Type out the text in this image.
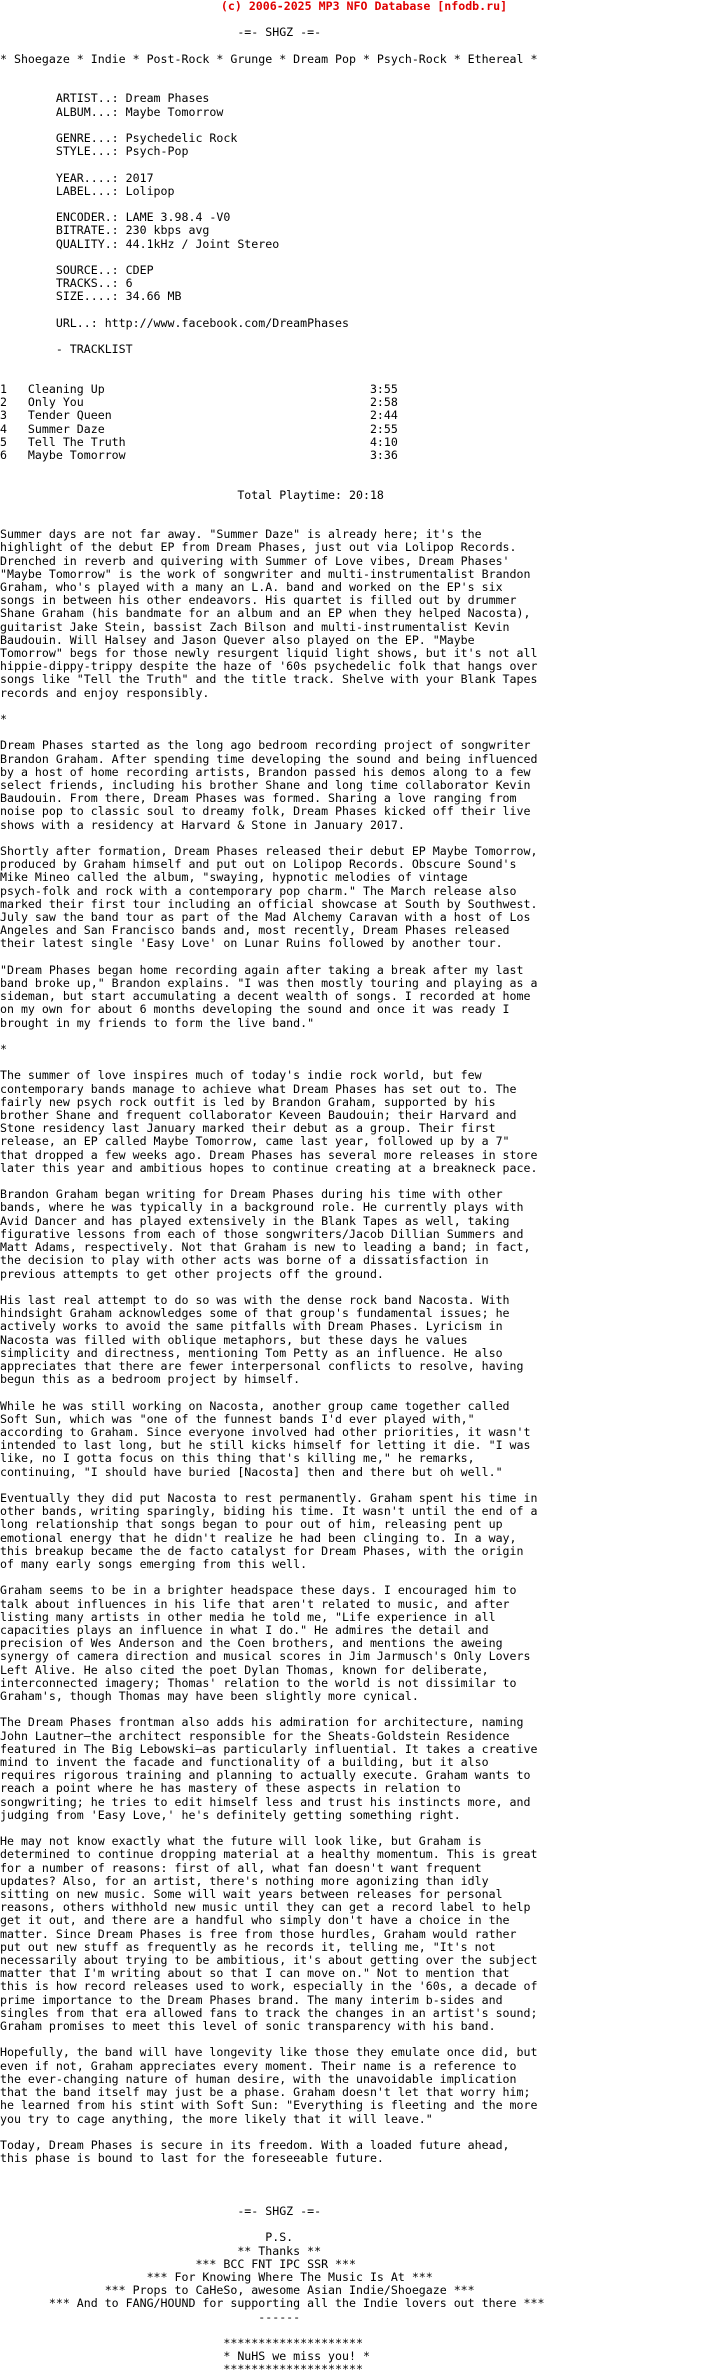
(c) 2006-2025 MP3 NFO Database [nfodb.ru]

-=- SHGZ -=-

* Shoegaze * Indie * Post-Rock * Grunge * Dream Pop * Psych-Rock * Ethereal *

ARTIST..: Dream Phases
ALBUM...: Maybe Tomorrow

GENRE...: Psychedelic Rock
STYLE...: Psych-Pop

YEAR....: 2017
LABEL...: Lolipop

ENCODER.: LAME 3.98.4 -V0
BITRATE.: 230 kbps avg
QUALITY.: 44.1kHz / Joint Stereo

SOURCE..: CDEP
TRACKS..: 6
SIZE....: 34.66 MB

URL..: http://www.facebook.com/DreamPhases

- TRACKLIST

1   Cleaning Up                                      3:55
2   Only You                                         2:58
3   Tender Queen                                     2:44
4   Summer Daze                                      2:55
5   Tell The Truth                                   4:10
6   Maybe Tomorrow                                   3:36

Total Playtime: 20:18

Summer days are not far away. "Summer Daze" is already here; it's the
highlight of the debut EP from Dream Phases, just out via Lolipop Records.
Drenched in reverb and quivering with Summer of Love vibes, Dream Phases'
"Maybe Tomorrow" is the work of songwriter and multi-instrumentalist Brandon
Graham, who's played with a many an L.A. band and worked on the EP's six
songs in between his other endeavors. His quartet is filled out by drummer
Shane Graham (his bandmate for an album and an EP when they helped Nacosta),
guitarist Jake Stein, bassist Zach Bilson and multi-instrumentalist Kevin
Baudouin. Will Halsey and Jason Quever also played on the EP. "Maybe
Tomorrow" begs for those newly resurgent liquid light shows, but it's not all
hippie-dippy-trippy despite the haze of '60s psychedelic folk that hangs over
songs like "Tell the Truth" and the title track. Shelve with your Blank Tapes
records and enjoy responsibly.

*

Dream Phases started as the long ago bedroom recording project of songwriter
Brandon Graham. After spending time developing the sound and being influenced
by a host of home recording artists, Brandon passed his demos along to a few
select friends, including his brother Shane and long time collaborator Kevin
Baudouin. From there, Dream Phases was formed. Sharing a love ranging from
noise pop to classic soul to dreamy folk, Dream Phases kicked off their live
shows with a residency at Harvard & Stone in January 2017.

Shortly after formation, Dream Phases released their debut EP Maybe Tomorrow,
produced by Graham himself and put out on Lolipop Records. Obscure Sound's
Mike Mineo called the album, "swaying, hypnotic melodies of vintage
psych-folk and rock with a contemporary pop charm." The March release also
marked their first tour including an official showcase at South by Southwest.
July saw the band tour as part of the Mad Alchemy Caravan with a host of Los
Angeles and San Francisco bands and, most recently, Dream Phases released
their latest single 'Easy Love' on Lunar Ruins followed by another tour.

"Dream Phases began home recording again after taking a break after my last
band broke up," Brandon explains. "I was then mostly touring and playing as a
sideman, but start accumulating a decent wealth of songs. I recorded at home
on my own for about 6 months developing the sound and once it was ready I
brought in my friends to form the live band."

*

The summer of love inspires much of today's indie rock world, but few
contemporary bands manage to achieve what Dream Phases has set out to. The
fairly new psych rock outfit is led by Brandon Graham, supported by his
brother Shane and frequent collaborator Keveen Baudouin; their Harvard and
Stone residency last January marked their debut as a group. Their first
release, an EP called Maybe Tomorrow, came last year, followed up by a 7"
that dropped a few weeks ago. Dream Phases has several more releases in store
later this year and ambitious hopes to continue creating at a breakneck pace.

Brandon Graham began writing for Dream Phases during his time with other
bands, where he was typically in a background role. He currently plays with
Avid Dancer and has played extensively in the Blank Tapes as well, taking
figurative lessons from each of those songwriters/Jacob Dillian Summers and
Matt Adams, respectively. Not that Graham is new to leading a band; in fact,
the decision to play with other acts was borne of a dissatisfaction in
previous attempts to get other projects off the ground.

His last real attempt to do so was with the dense rock band Nacosta. With
hindsight Graham acknowledges some of that group's fundamental issues; he
actively works to avoid the same pitfalls with Dream Phases. Lyricism in
Nacosta was filled with oblique metaphors, but these days he values
simplicity and directness, mentioning Tom Petty as an influence. He also
appreciates that there are fewer interpersonal conflicts to resolve, having
begun this as a bedroom project by himself.

While he was still working on Nacosta, another group came together called
Soft Sun, which was "one of the funnest bands I'd ever played with,"
according to Graham. Since everyone involved had other priorities, it wasn't
intended to last long, but he still kicks himself for letting it die. "I was
like, no I gotta focus on this thing that's killing me," he remarks,
continuing, "I should have buried [Nacosta] then and there but oh well."

Eventually they did put Nacosta to rest permanently. Graham spent his time in
other bands, writing sparingly, biding his time. It wasn't until the end of a
long relationship that songs began to pour out of him, releasing pent up
emotional energy that he didn't realize he had been clinging to. In a way,
this breakup became the de facto catalyst for Dream Phases, with the origin
of many early songs emerging from this well.

Graham seems to be in a brighter headspace these days. I encouraged him to
talk about influences in his life that aren't related to music, and after
listing many artists in other media he told me, "Life experience in all
capacities plays an influence in what I do." He admires the detail and
precision of Wes Anderson and the Coen brothers, and mentions the aweing
synergy of camera direction and musical scores in Jim Jarmusch's Only Lovers
Left Alive. He also cited the poet Dylan Thomas, known for deliberate,
interconnected imagery; Thomas' relation to the world is not dissimilar to
Graham's, though Thomas may have been slightly more cynical.

The Dream Phases frontman also adds his admiration for architecture, naming
John Lautner—the architect responsible for the Sheats-Goldstein Residence
featured in The Big Lebowski—as particularly influential. It takes a creative
mind to invent the facade and functionality of a building, but it also
requires rigorous training and planning to actually execute. Graham wants to
reach a point where he has mastery of these aspects in relation to
songwriting; he tries to edit himself less and trust his instincts more, and
judging from 'Easy Love,' he's definitely getting something right.

He may not know exactly what the future will look like, but Graham is
determined to continue dropping material at a healthy momentum. This is great
for a number of reasons: first of all, what fan doesn't want frequent
updates? Also, for an artist, there's nothing more agonizing than idly
sitting on new music. Some will wait years between releases for personal
reasons, others withhold new music until they can get a record label to help
get it out, and there are a handful who simply don't have a choice in the
matter. Since Dream Phases is free from those hurdles, Graham would rather
put out new stuff as frequently as he records it, telling me, "It's not
necessarily about trying to be ambitious, it's about getting over the subject
matter that I'm writing about so that I can move on." Not to mention that
this is how record releases used to work, especially in the '60s, a decade of
prime importance to the Dream Phases brand. The many interim b-sides and
singles from that era allowed fans to track the changes in an artist's sound;
Graham promises to meet this level of sonic transparency with his band.

Hopefully, the band will have longevity like those they emulate once did, but
even if not, Graham appreciates every moment. Their name is a reference to
the ever-changing nature of human desire, with the unavoidable implication
that the band itself may just be a phase. Graham doesn't let that worry him;
he learned from his stint with Soft Sun: "Everything is fleeting and the more
you try to cage anything, the more likely that it will leave."

Today, Dream Phases is secure in its freedom. With a loaded future ahead,
this phase is bound to last for the foreseeable future.

-=- SHGZ -=-

P.S.
** Thanks **
*** BCC FNT IPC SSR ***
*** For Knowing Where The Music Is At ***
*** Props to CaHeSo, awesome Asian Indie/Shoegaze ***
*** And to FANG/HOUND for supporting all the Indie lovers out there ***
------

********************
* NuHS we miss you! *
********************
